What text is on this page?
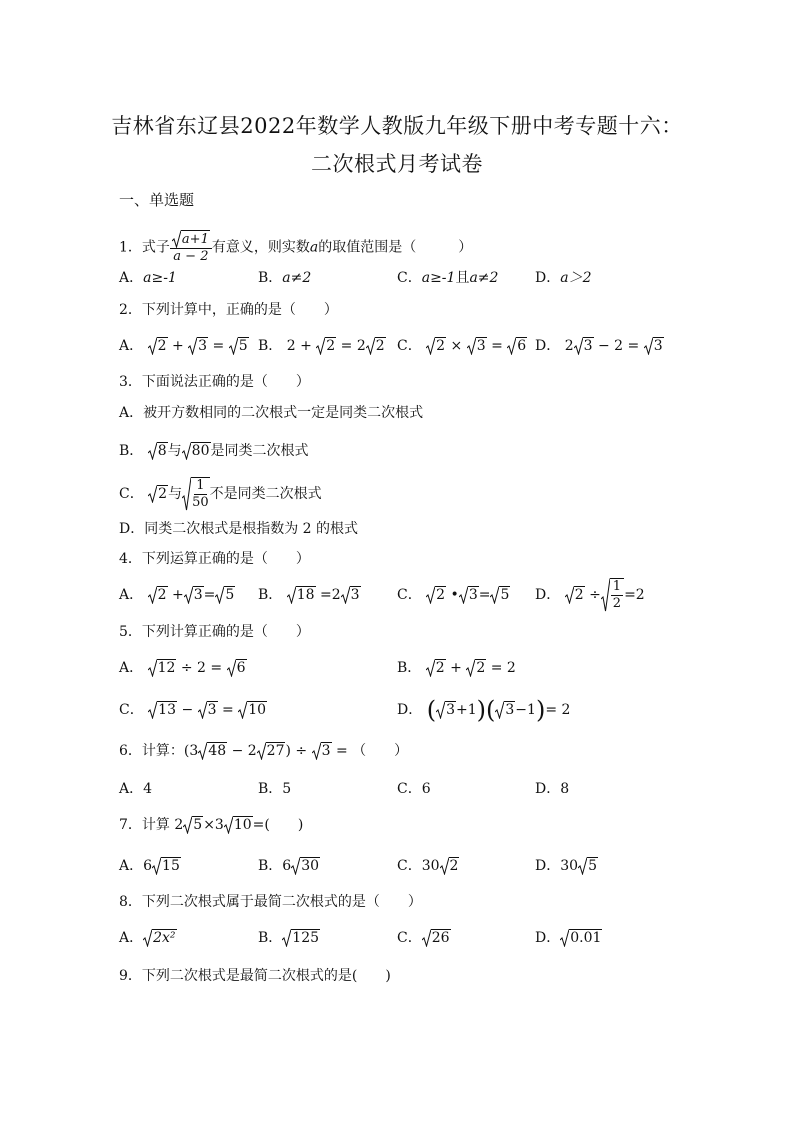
吉林省东辽县2022年数学人教版九年级下册中考专题十六：
二次根式月考试卷
一、单选题
1．式子 $\frac{a+1}{a - 2}$ 有意义，则实数a的取值范围是（　　　）
A．a≥-1	B．a≠2	C．a≥-1且a≠2	D．a＞2
2．下列计算中，正确的是（　　）
A． 2 + 3 = 5 B． 2 + 2 = 2 2 C． 2 × 3 = 6 D． 2 3 − 2 = 3
3．下面说法正确的是（　　）
A．被开方数相同的二次根式一定是同类二次根式
B． 8 与 80 是同类二次根式
C． 2 与 $\frac{1}{50}$ 不是同类二次根式
D．同类二次根式是根指数为 2 的根式
4．下列运算正确的是（　　）
A． 2 + 3 = 5 B． 18 =2 3	C． 2 • 3 = 5 D． $2 \div \frac{1}{2} =2$
5．下列计算正确的是（　　）
A． 12 ÷ 2 = 6	B． 2 + 2 = 2
C． 13 − 3 = 10	D． ( 3 +1)( 3 −1)= 2
6．计算：(3 48 − 2 27 ) ÷ 3 = （　　）
A．4	B．5	C．6	D．8
7．计算 2 5 ×3 10 =(　　)
A．6 15	B．6 30	C．30 2	D．30 5
8．下列二次根式属于最简二次根式的是（　　）
A． 2x²	B． 125	C． 26	D． 0.01
9．下列二次根式是最简二次根式的是(　　)
